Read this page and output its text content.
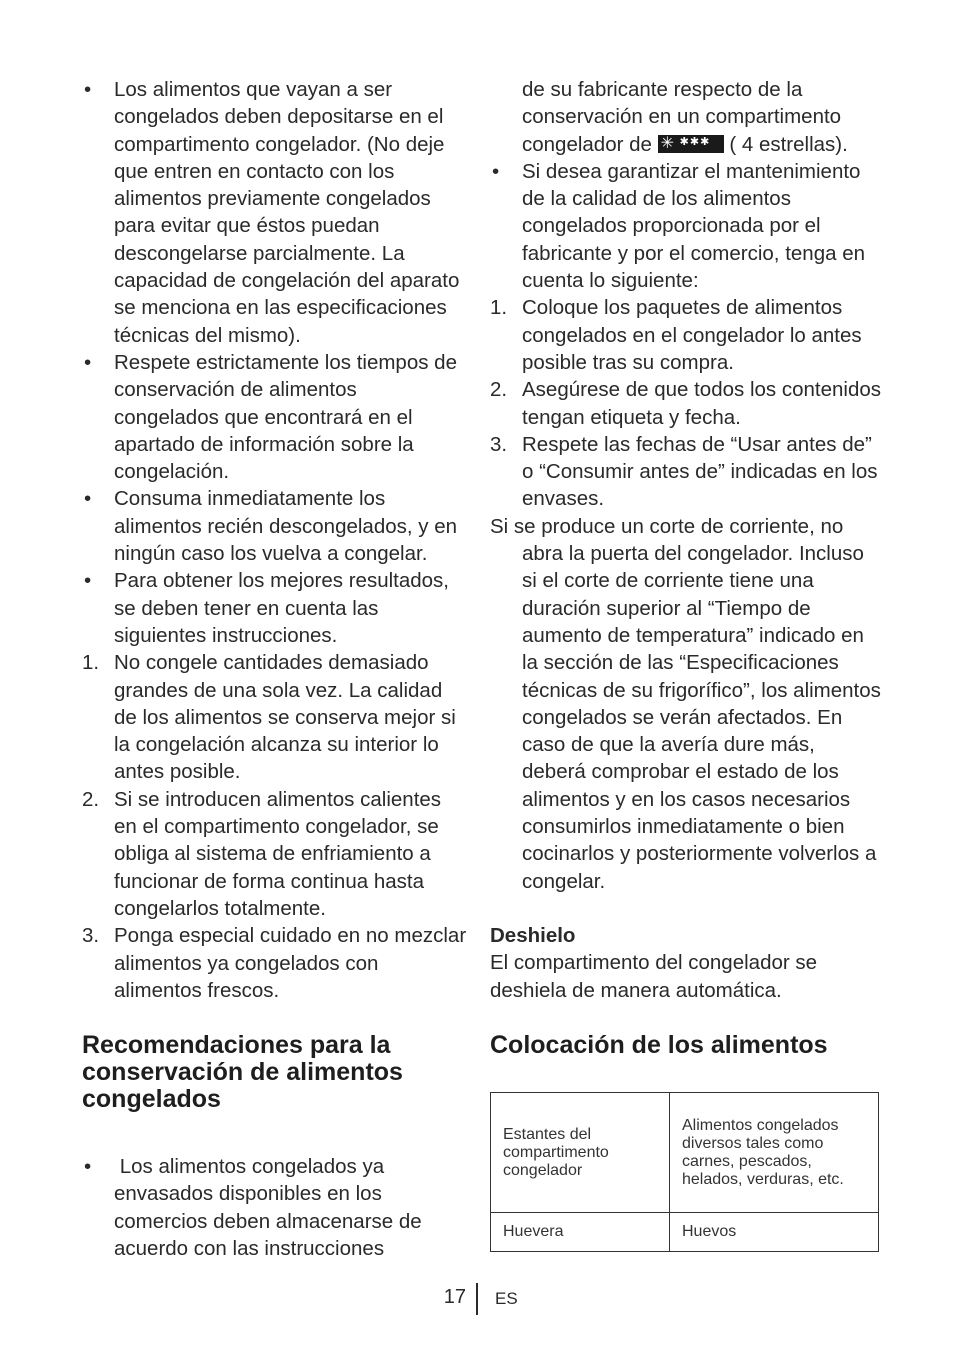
• Los alimentos que vayan a ser congelados deben depositarse en el compartimento congelador. (No deje que entren en contacto con los alimentos previamente congelados para evitar que éstos puedan descongelarse parcialmente. La capacidad de congelación del aparato se menciona en las especificaciones técnicas del mismo).
• Respete estrictamente los tiempos de conservación de alimentos congelados que encontrará en el apartado de información sobre la congelación.
• Consuma inmediatamente los alimentos recién descongelados, y en ningún caso los vuelva a congelar.
• Para obtener los mejores resultados, se deben tener en cuenta las siguientes instrucciones.
1. No congele cantidades demasiado grandes de una sola vez. La calidad de los alimentos se conserva mejor si la congelación alcanza su interior lo antes posible.
2. Si se introducen alimentos calientes en el compartimento congelador, se obliga al sistema de enfriamiento a funcionar de forma continua hasta congelarlos totalmente.
3. Ponga especial cuidado en no mezclar alimentos ya congelados con alimentos frescos.
Recomendaciones para la conservación de alimentos congelados
• Los alimentos congelados ya envasados disponibles en los comercios deben almacenarse de acuerdo con las instrucciones
de su fabricante respecto de la conservación en un compartimento congelador de ✳ ✱✱✱ ( 4 estrellas).
• Si desea garantizar el mantenimiento de la calidad de los alimentos congelados proporcionada por el fabricante y por el comercio, tenga en cuenta lo siguiente:
1. Coloque los paquetes de alimentos congelados en el congelador lo antes posible tras su compra.
2. Asegúrese de que todos los contenidos tengan etiqueta y fecha.
3. Respete las fechas de “Usar antes de” o “Consumir antes de” indicadas en los envases.

Si se produce un corte de corriente, no abra la puerta del congelador. Incluso si el corte de corriente tiene una duración superior al “Tiempo de aumento de temperatura” indicado en la sección de las “Especificaciones técnicas de su frigorífico”, los alimentos congelados se verán afectados. En caso de que la avería dure más, deberá comprobar el estado de los alimentos y en los casos necesarios consumirlos inmediatamente o bien cocinarlos y posteriormente volverlos a congelar.

Deshielo
El compartimento del congelador se deshiela de manera automática.
Colocación de los alimentos
Estantes del compartimento congelador	Alimentos congelados diversos tales como carnes, pescados, helados, verduras, etc.
Huevera	Huevos
17 ES
